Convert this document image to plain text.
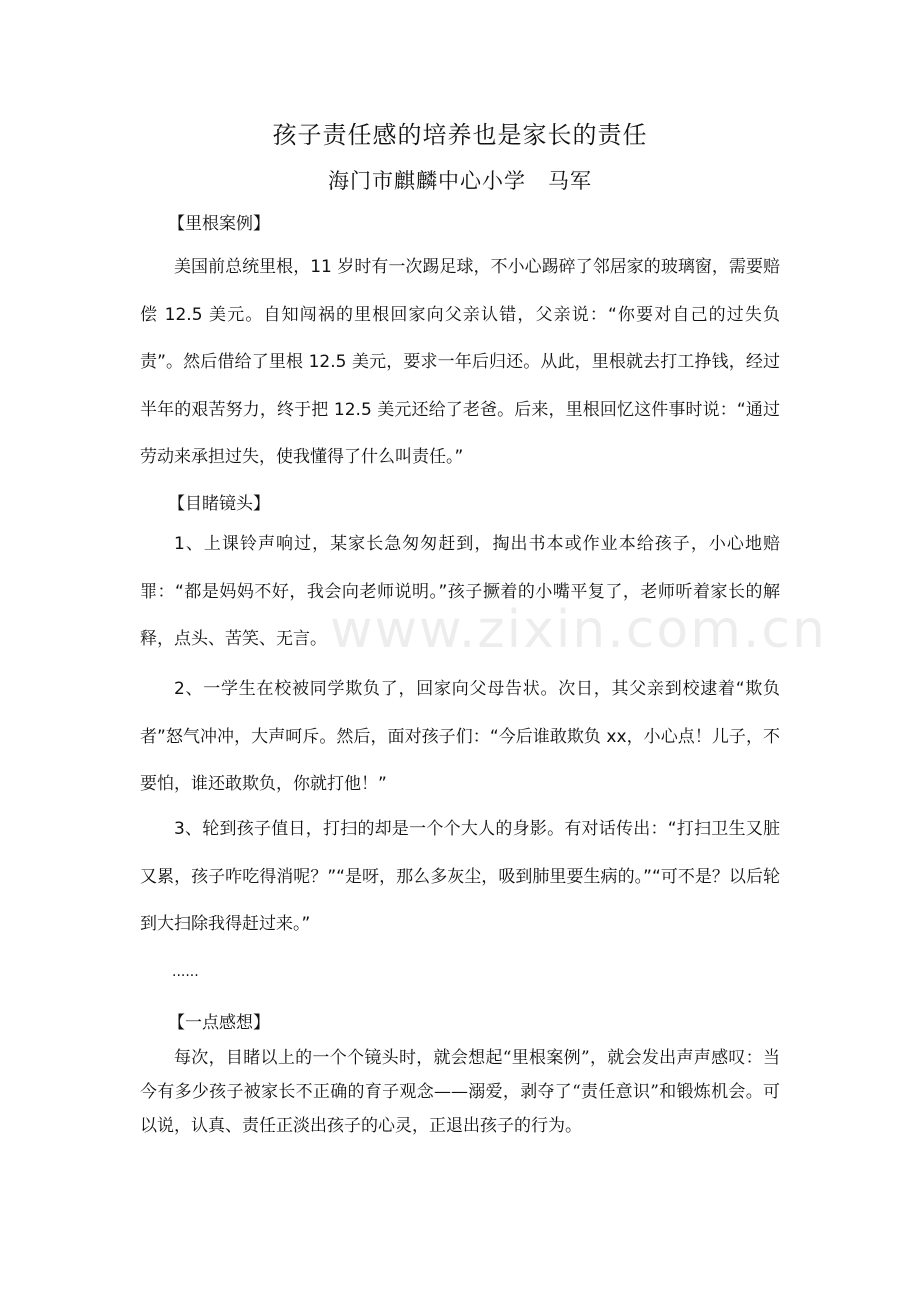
孩子责任感的培养也是家长的责任
海门市麒麟中心小学　马军
【里根案例】
美国前总统里根，11 岁时有一次踢足球，不小心踢碎了邻居家的玻璃窗，需要赔偿 12.5 美元。自知闯祸的里根回家向父亲认错，父亲说：“你要对自己的过失负责”。然后借给了里根 12.5 美元，要求一年后归还。从此，里根就去打工挣钱，经过半年的艰苦努力，终于把 12.5 美元还给了老爸。后来，里根回忆这件事时说：“通过劳动来承担过失，使我懂得了什么叫责任。”
【目睹镜头】
1、上课铃声响过，某家长急匆匆赶到，掏出书本或作业本给孩子，小心地赔罪：“都是妈妈不好，我会向老师说明。”孩子撅着的小嘴平复了，老师听着家长的解释，点头、苦笑、无言。
2、一学生在校被同学欺负了，回家向父母告状。次日，其父亲到校逮着“欺负者”怒气冲冲，大声呵斥。然后，面对孩子们：“今后谁敢欺负 xx，小心点！儿子，不要怕，谁还敢欺负，你就打他！”
3、轮到孩子值日，打扫的却是一个个大人的身影。有对话传出：“打扫卫生又脏又累，孩子咋吃得消呢？”“是呀，那么多灰尘，吸到肺里要生病的。”“可不是？以后轮到大扫除我得赶过来。”
......
【一点感想】
每次，目睹以上的一个个镜头时，就会想起“里根案例”，就会发出声声感叹：当今有多少孩子被家长不正确的育子观念——溺爱，剥夺了“责任意识”和锻炼机会。可以说，认真、责任正淡出孩子的心灵，正退出孩子的行为。
www.zixin.com.cn
